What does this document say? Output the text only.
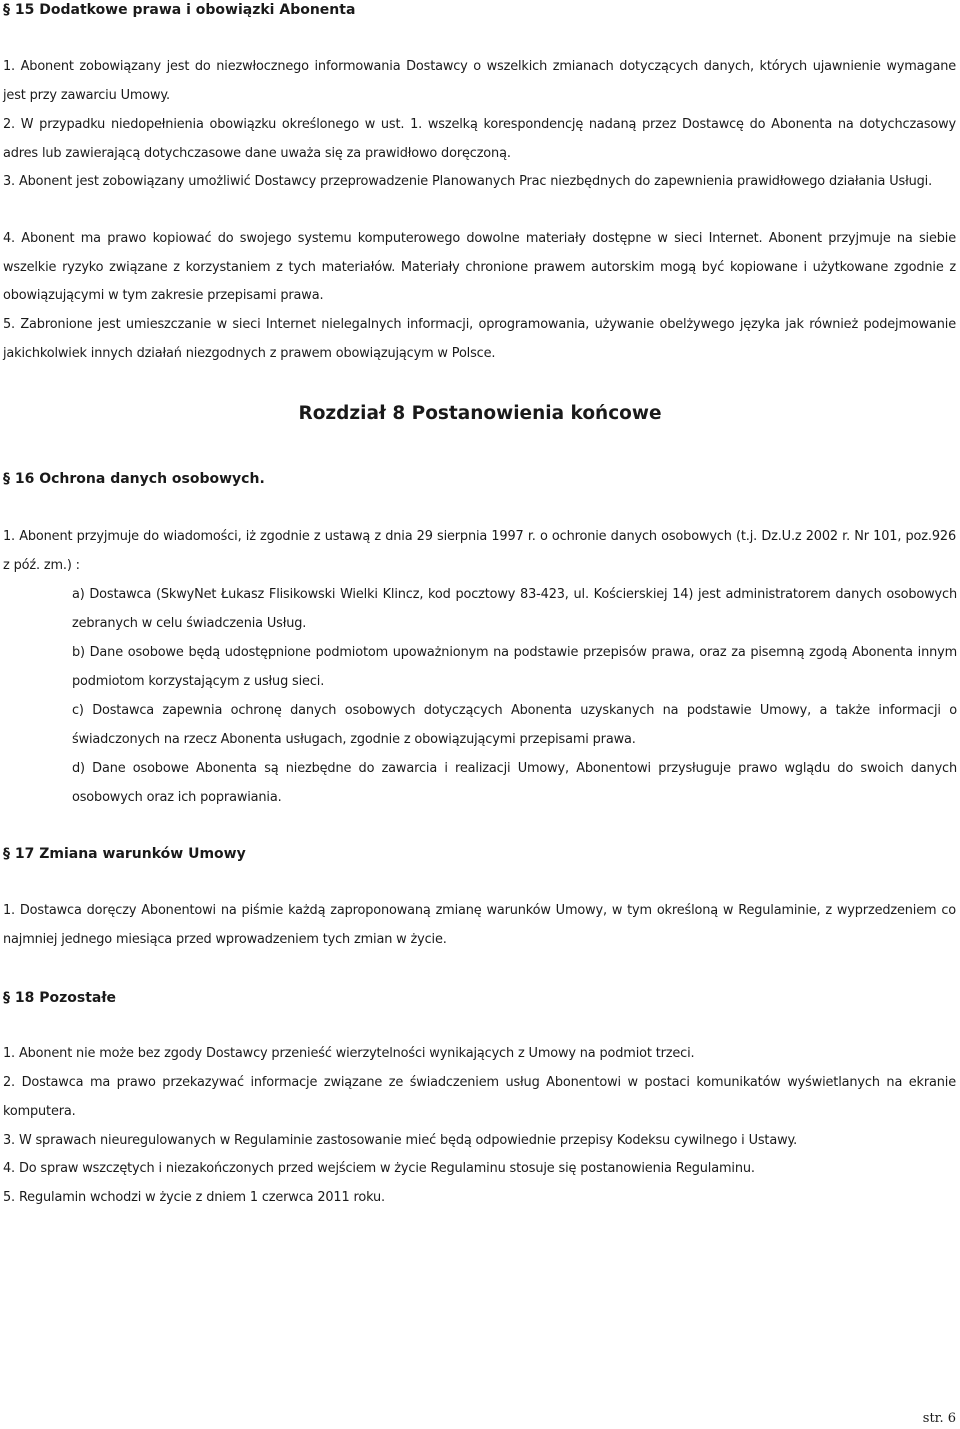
§ 15 Dodatkowe prawa i obowiązki Abonenta
1. Abonent zobowiązany jest do niezwłocznego informowania Dostawcy o wszelkich zmianach dotyczących danych, których ujawnienie wymagane jest przy zawarciu Umowy.
2. W przypadku niedopełnienia obowiązku określonego w ust. 1. wszelką korespondencję nadaną przez Dostawcę do Abonenta na dotychczasowy adres lub zawierającą dotychczasowe dane uważa się za prawidłowo doręczoną.
3. Abonent jest zobowiązany umożliwić Dostawcy przeprowadzenie Planowanych Prac niezbędnych do zapewnienia prawidłowego działania Usługi.
4. Abonent ma prawo kopiować do swojego systemu komputerowego dowolne materiały dostępne w sieci Internet. Abonent przyjmuje na siebie wszelkie ryzyko związane z korzystaniem z tych materiałów. Materiały chronione prawem autorskim mogą być kopiowane i użytkowane zgodnie z obowiązującymi w tym zakresie przepisami prawa.
5. Zabronione jest umieszczanie w sieci Internet nielegalnych informacji, oprogramowania, używanie obelżywego języka jak również podejmowanie jakichkolwiek innych działań niezgodnych z prawem obowiązującym w Polsce.
Rozdział 8 Postanowienia końcowe
§ 16 Ochrona danych osobowych.
1. Abonent przyjmuje do wiadomości, iż zgodnie z ustawą z dnia 29 sierpnia 1997 r. o ochronie danych osobowych (t.j. Dz.U.z 2002 r. Nr 101, poz.926 z póź. zm.) :
a) Dostawca (SkwyNet Łukasz Flisikowski Wielki Klincz, kod pocztowy 83-423, ul. Kościerskiej 14) jest administratorem danych osobowych zebranych w celu świadczenia Usług.
b) Dane osobowe będą udostępnione podmiotom upoważnionym na podstawie przepisów prawa, oraz za pisemną zgodą Abonenta innym podmiotom korzystającym z usług sieci.
c) Dostawca zapewnia ochronę danych osobowych dotyczących Abonenta uzyskanych na podstawie Umowy, a także informacji o świadczonych na rzecz Abonenta usługach, zgodnie z obowiązującymi przepisami prawa.
d) Dane osobowe Abonenta są niezbędne do zawarcia i realizacji Umowy, Abonentowi przysługuje prawo wglądu do swoich danych osobowych oraz ich poprawiania.
§ 17 Zmiana warunków Umowy
1. Dostawca doręczy Abonentowi na piśmie każdą zaproponowaną zmianę warunków Umowy, w tym określoną w Regulaminie, z wyprzedzeniem co najmniej jednego miesiąca przed wprowadzeniem tych zmian w życie.
§ 18 Pozostałe
1. Abonent nie może bez zgody Dostawcy przenieść wierzytelności wynikających z Umowy na podmiot trzeci.
2. Dostawca ma prawo przekazywać informacje związane ze świadczeniem usług Abonentowi w postaci komunikatów wyświetlanych na ekranie komputera.
3. W sprawach nieuregulowanych w Regulaminie zastosowanie mieć będą odpowiednie przepisy Kodeksu cywilnego i Ustawy.
4. Do spraw wszczętych i niezakończonych przed wejściem w życie Regulaminu stosuje się postanowienia Regulaminu.
5. Regulamin wchodzi w życie z dniem 1 czerwca 2011 roku.
str. 6
